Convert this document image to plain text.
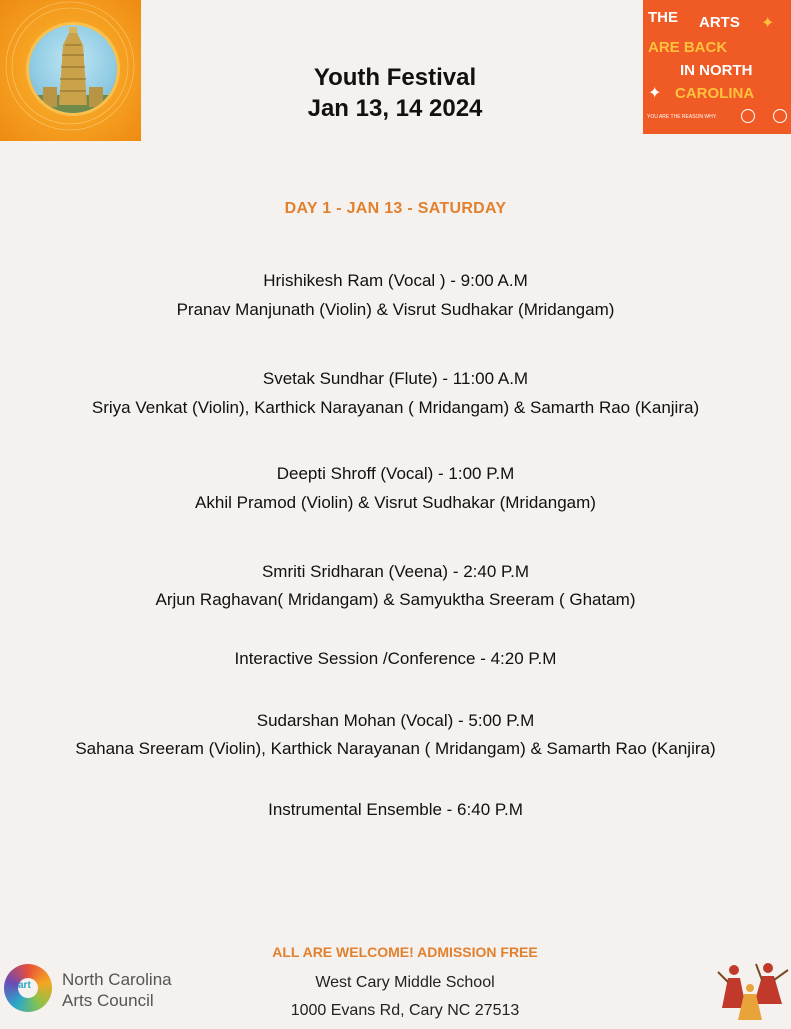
THE ARTS ✦
ARE BACK
IN NORTH
✦ CAROLINA
YOU ARE THE REASON WHY.
Youth Festival
Jan 13, 14 2024
DAY 1 - JAN 13 - SATURDAY
Hrishikesh Ram (Vocal ) - 9:00 A.M
Pranav Manjunath (Violin) & Visrut Sudhakar (Mridangam)
Svetak Sundhar (Flute) - 11:00 A.M
Sriya Venkat (Violin), Karthick Narayanan ( Mridangam) & Samarth Rao (Kanjira)
Deepti Shroff (Vocal) - 1:00 P.M
Akhil Pramod (Violin) & Visrut Sudhakar (Mridangam)
Smriti Sridharan (Veena) - 2:40 P.M
Arjun Raghavan( Mridangam) & Samyuktha Sreeram ( Ghatam)
Interactive Session /Conference - 4:20 P.M
Sudarshan Mohan (Vocal) - 5:00 P.M
Sahana Sreeram (Violin), Karthick Narayanan ( Mridangam) & Samarth Rao (Kanjira)
Instrumental Ensemble - 6:40 P.M
ALL ARE WELCOME! ADMISSION FREE
West Cary Middle School
1000 Evans Rd, Cary NC 27513
art North Carolina
Arts Council
